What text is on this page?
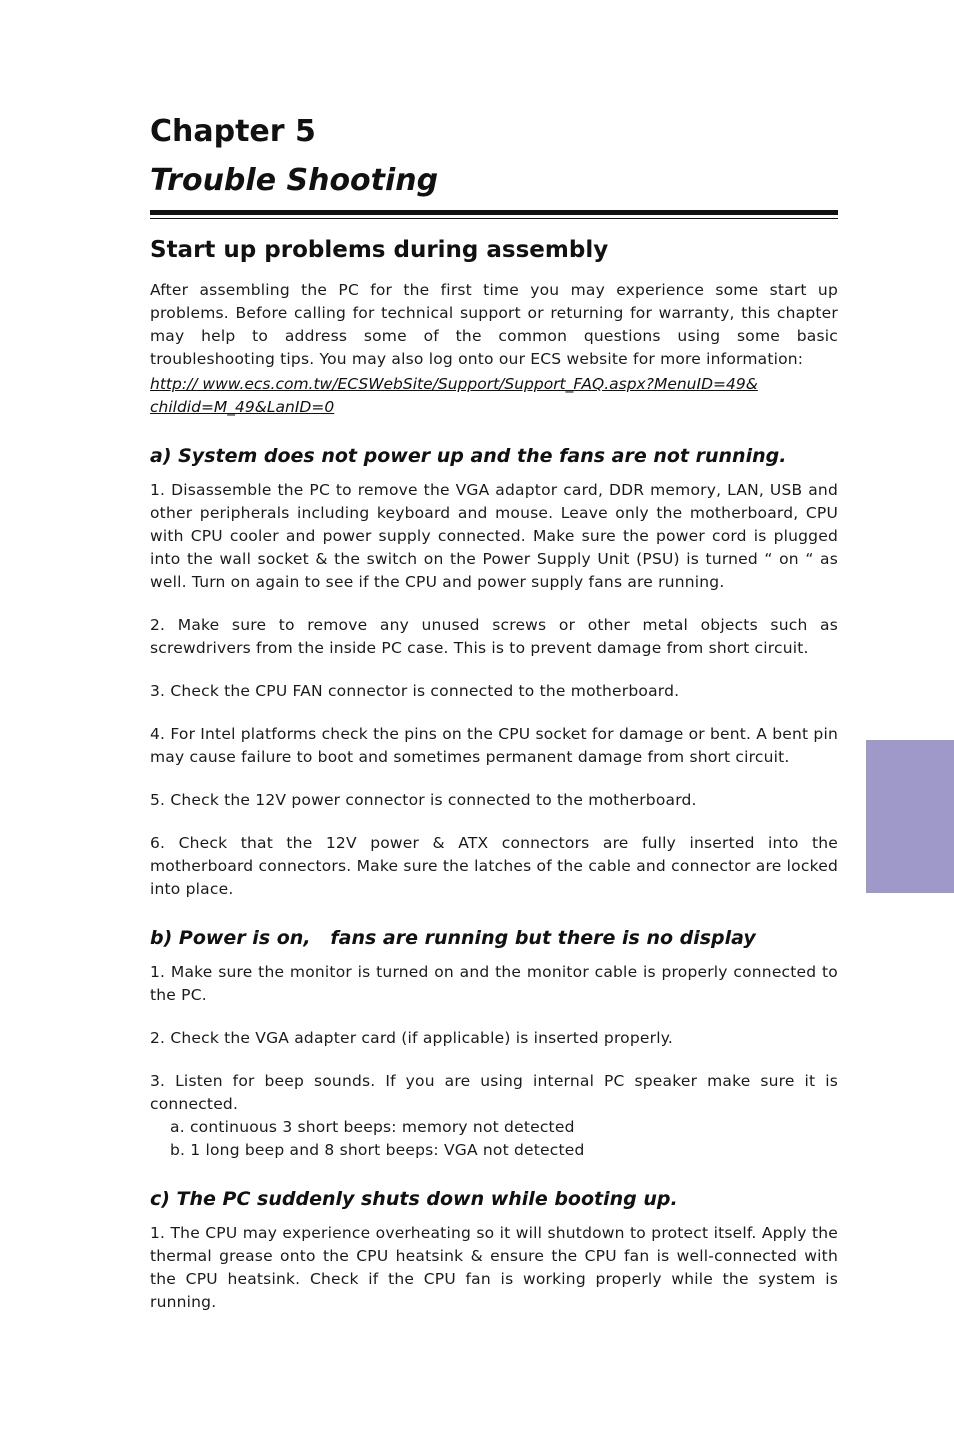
Chapter 5
Trouble Shooting
Start up problems during assembly

After assembling the PC for the first time you may experience some start up problems. Before calling for technical support or returning for warranty, this chapter may help to address some of the common questions using some basic troubleshooting tips. You may also log onto our ECS website for more information:

http:// www.ecs.com.tw/ECSWebSite/Support/Support_FAQ.aspx?MenuID=49&
childid=M_49&LanID=0
a) System does not power up and the fans are not running.

1. Disassemble the PC to remove the VGA adaptor card, DDR memory, LAN, USB and other peripherals including keyboard and mouse. Leave only the motherboard, CPU with CPU cooler and power supply connected. Make sure the power cord is plugged into the wall socket & the switch on the Power Supply Unit (PSU) is turned “ on “ as well. Turn on again to see if the CPU and power supply fans are running.

2. Make sure to remove any unused screws or other metal objects such as screwdrivers from the inside PC case. This is to prevent damage from short circuit.

3. Check the CPU FAN connector is connected to the motherboard.

4. For Intel platforms check the pins on the CPU socket for damage or bent. A bent pin may cause failure to boot and sometimes permanent damage from short circuit.

5. Check the 12V power connector is connected to the motherboard.

6. Check that the 12V power & ATX connectors are fully inserted into the motherboard connectors. Make sure the latches of the cable and connector are locked into place.

b) Power is on,   fans are running but there is no display

1. Make sure the monitor is turned on and the monitor cable is properly connected to the PC.

2. Check the VGA adapter card (if applicable) is inserted properly.

3. Listen for beep sounds. If you are using internal PC speaker make sure it is connected.

a. continuous 3 short beeps: memory not detected
b. 1 long beep and 8 short beeps: VGA not detected
c) The PC suddenly shuts down while booting up.

1. The CPU may experience overheating so it will shutdown to protect itself. Apply the thermal grease onto the CPU heatsink & ensure the CPU fan is well-connected with the CPU heatsink. Check if the CPU fan is working properly while the system is running.
